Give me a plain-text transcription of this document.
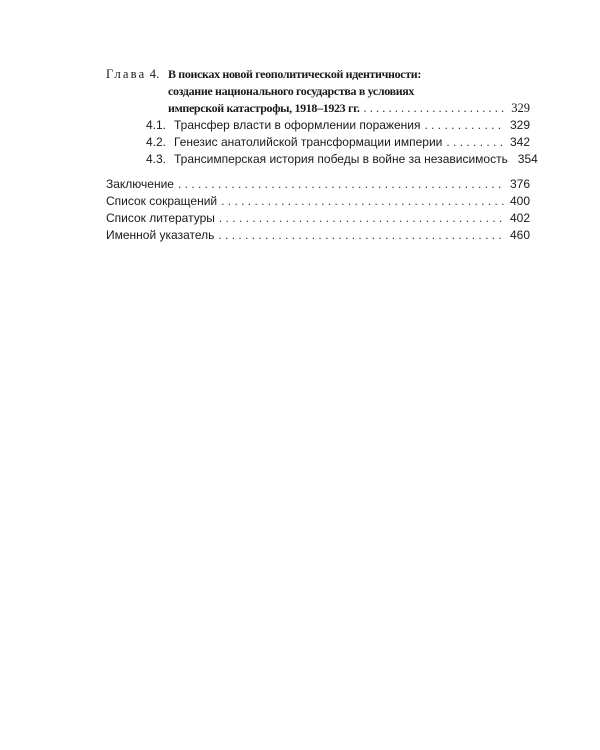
Глава 4. В поисках новой геополитической идентичности:
создание национального государства в условиях
имперской катастрофы, 1918–1923 гг. . . .	329
4.1. Трансфер власти в оформлении поражения . . .	329
4.2. Генезис анатолийской трансформации империи . . .	342
4.3. Трансимперская история победы в войне за независимость 354
Заключение . . .	376
Список сокращений . . .	400
Список литературы . . .	402
Именной указатель . . .	460
